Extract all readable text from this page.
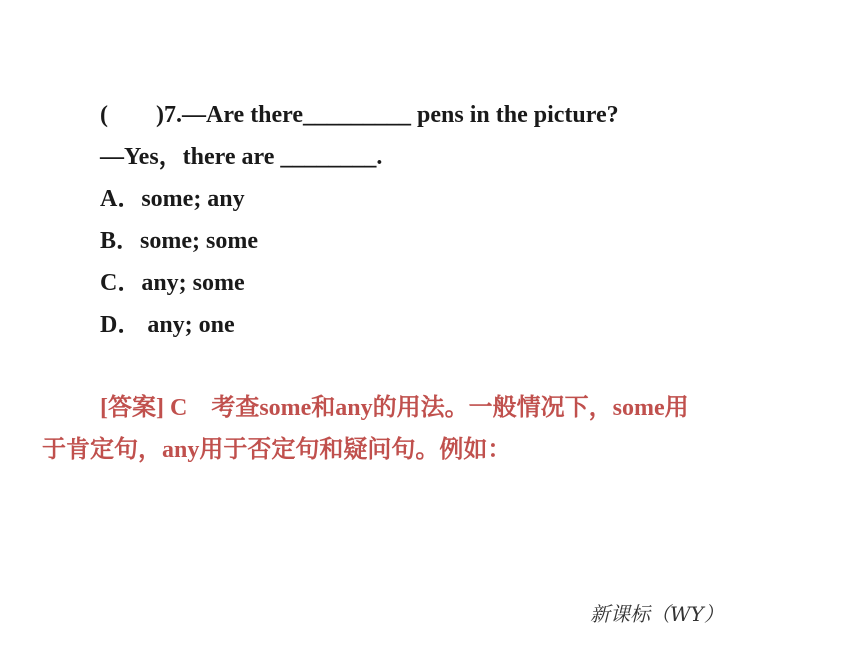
(        )7.—Are there_________ pens in the picture?
—Yes，there are ________.
A．some; any
B．some; some
C．any; some
D． any; one
[答案] C　考查some和any的用法。一般情况下，some用
于肯定句，any用于否定句和疑问句。例如：
新课标（WY）
